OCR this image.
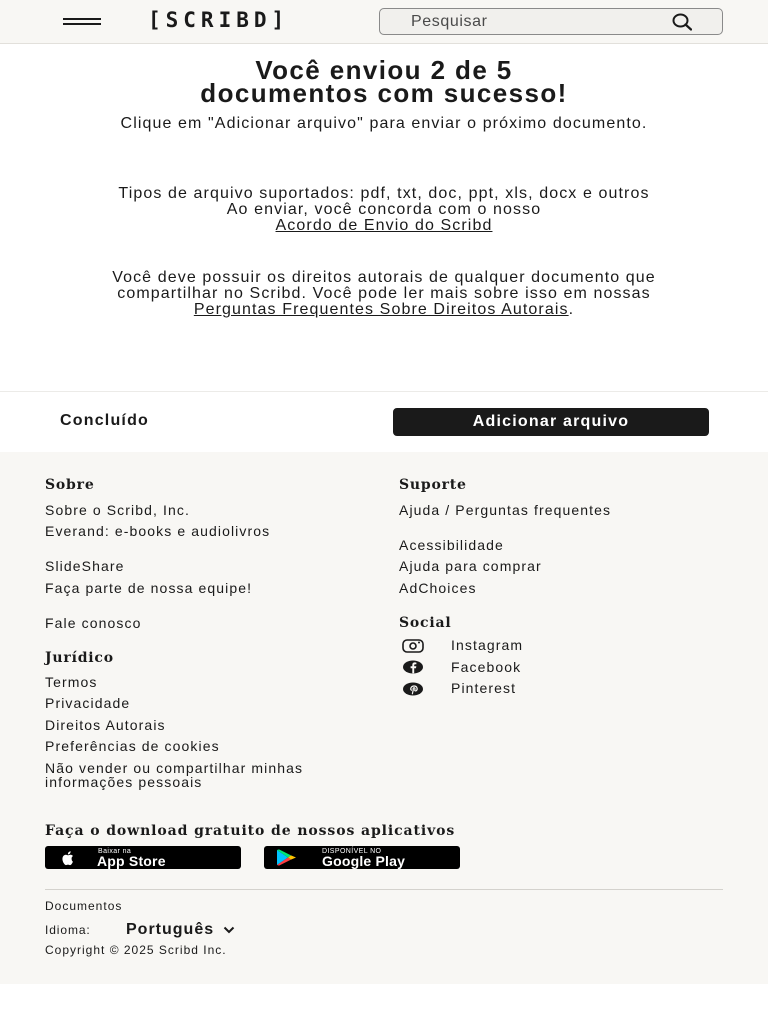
[SCRIBD]
Pesquisar
Você enviou 2 de 5
documentos com sucesso!
Clique em "Adicionar arquivo" para enviar o próximo documento.
Tipos de arquivo suportados: pdf, txt, doc, ppt, xls, docx e outros
Ao enviar, você concorda com o nosso
Acordo de Envio do Scribd
Você deve possuir os direitos autorais de qualquer documento que compartilhar no Scribd. Você pode ler mais sobre isso em nossas
Perguntas Frequentes Sobre Direitos Autorais.
Concluído	Adicionar arquivo
Sobre
Sobre o Scribd, Inc.
Everand: e-books e audiolivros
SlideShare
Faça parte de nossa equipe!
Fale conosco
Jurídico
Termos
Privacidade
Direitos Autorais
Preferências de cookies
Não vender ou compartilhar minhas informações pessoais
Suporte
Ajuda / Perguntas frequentes
Acessibilidade
Ajuda para comprar
AdChoices
Social
Instagram
Facebook
Pinterest
Faça o download gratuito de nossos aplicativos
Baixar na
App Store
DISPONÍVEL NO
Google Play
Documentos
Idioma: Português
Copyright © 2025 Scribd Inc.
